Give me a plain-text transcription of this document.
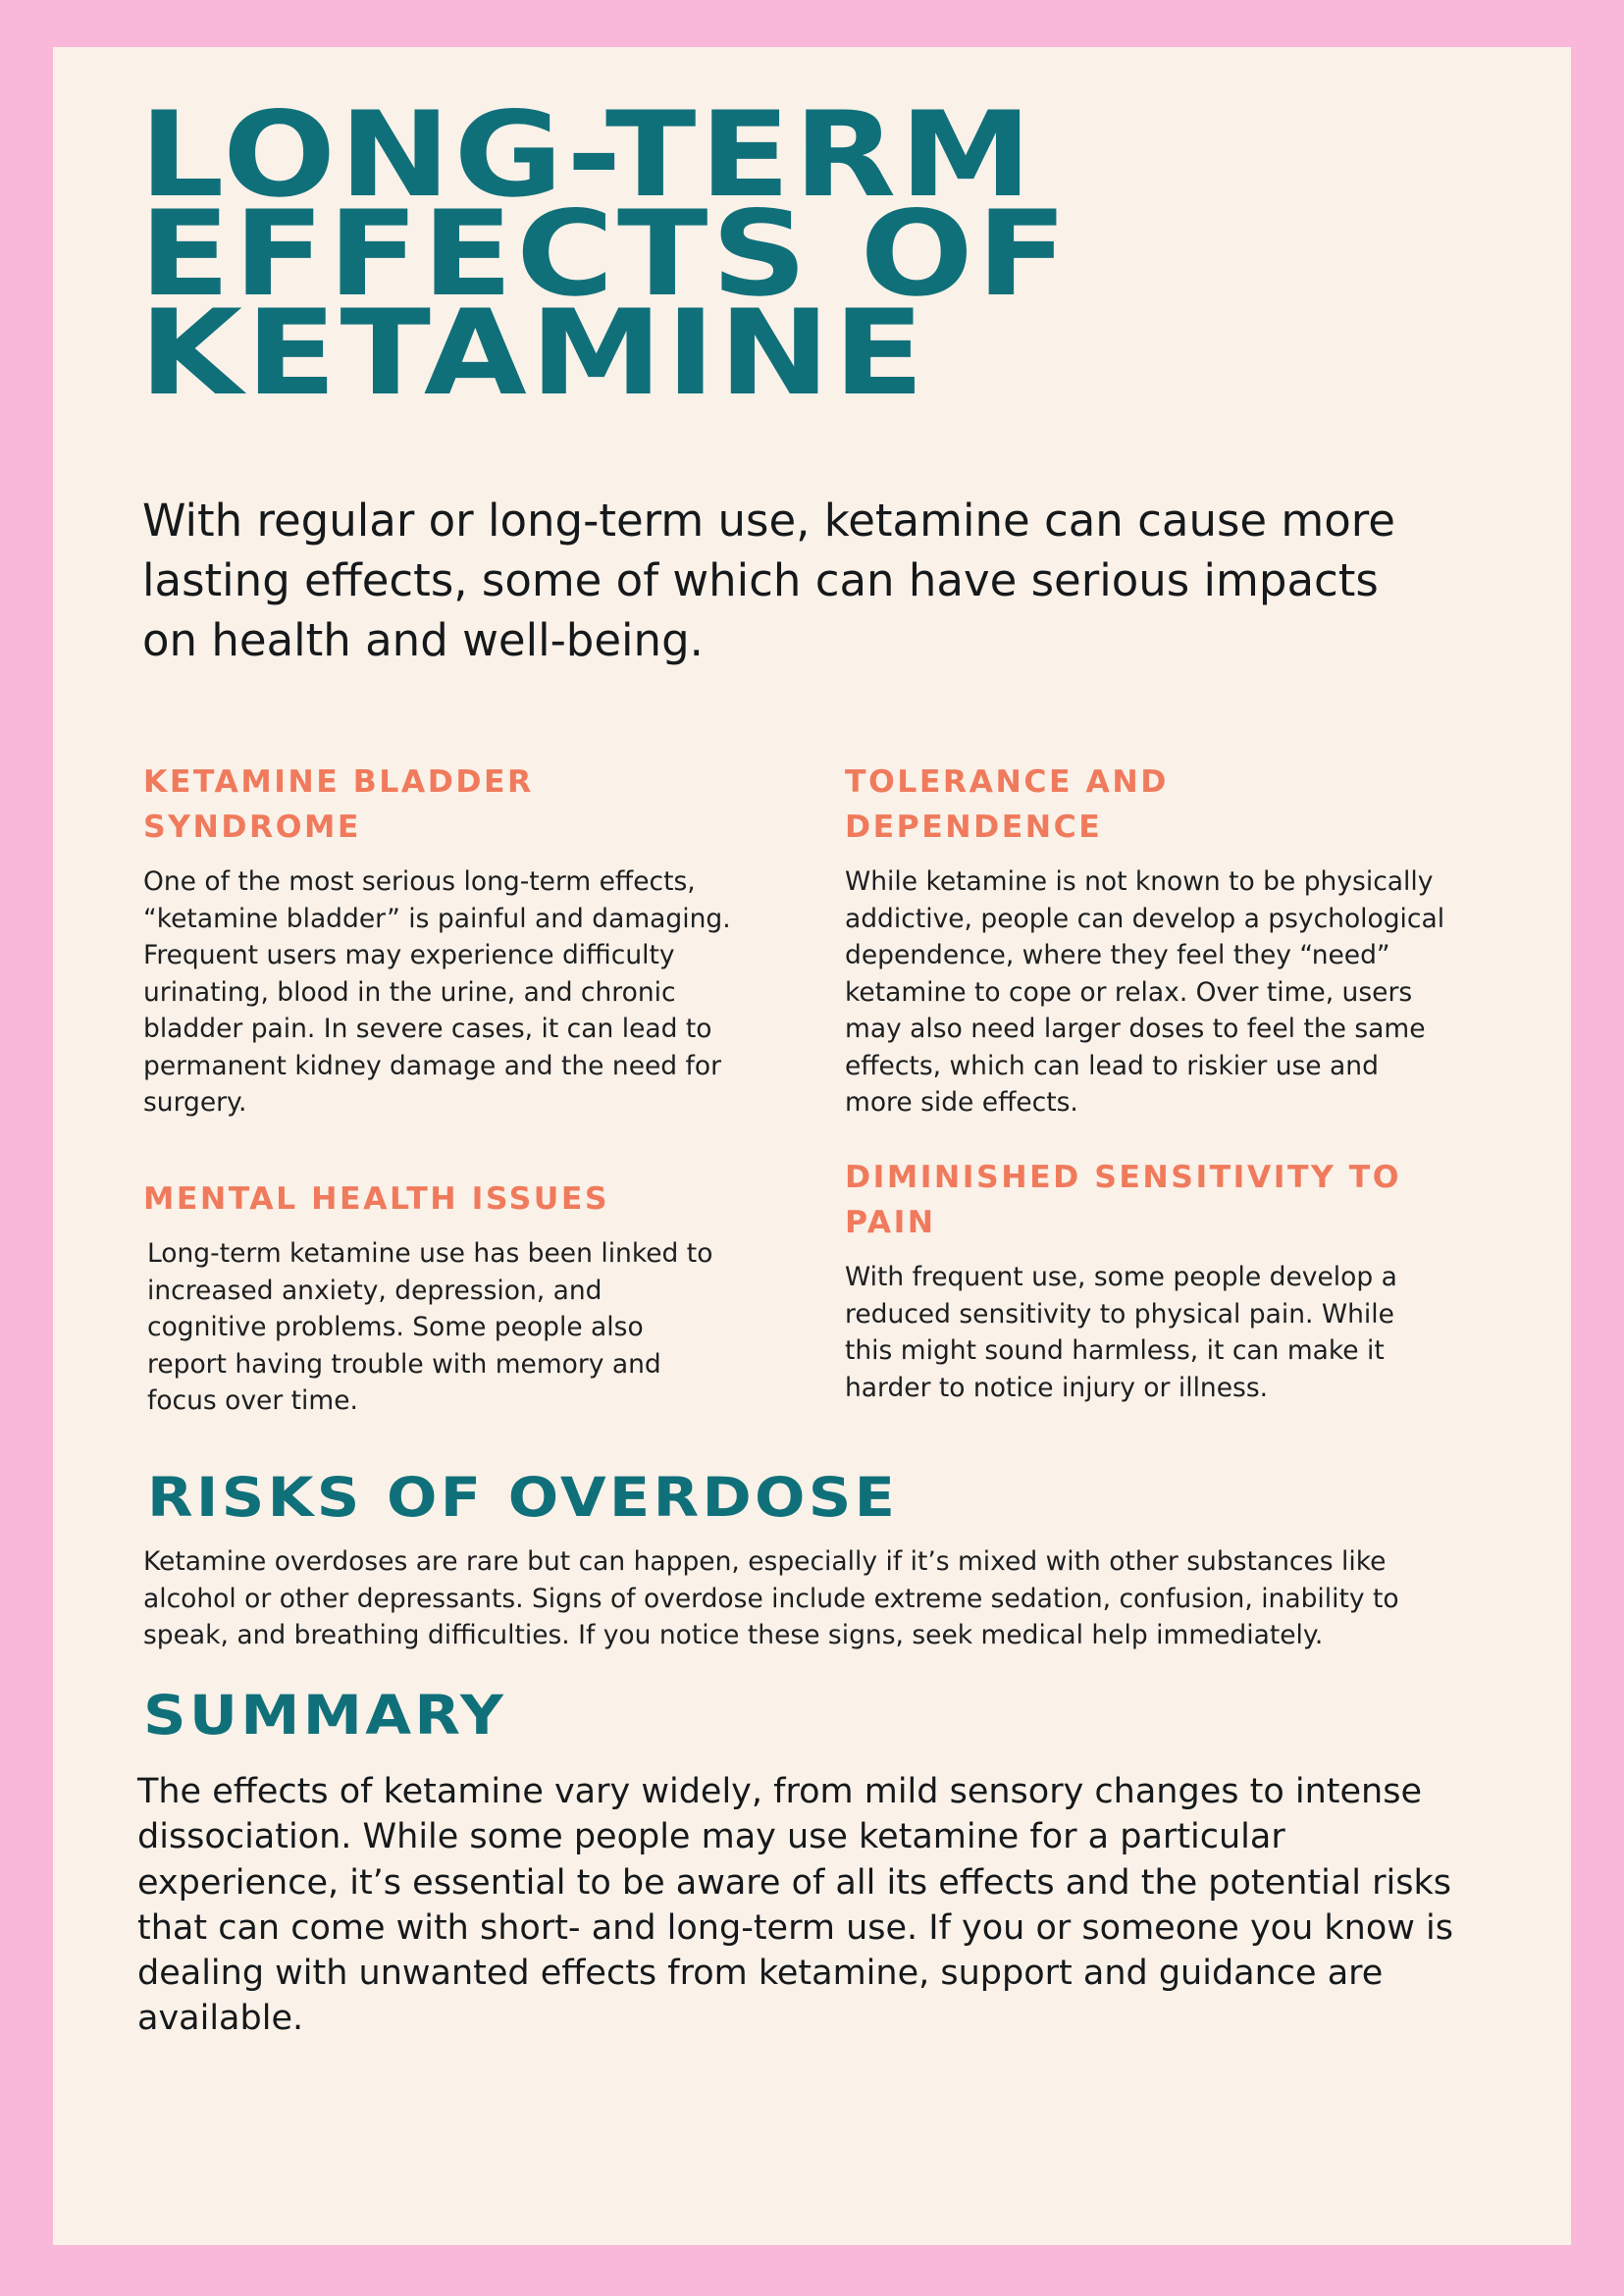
LONG-TERM
EFFECTS OF
KETAMINE

With regular or long-term use, ketamine can cause more lasting effects, some of which can have serious impacts on health and well-being.

KETAMINE BLADDER SYNDROME

One of the most serious long-term effects, “ketamine bladder” is painful and damaging. Frequent users may experience difficulty urinating, blood in the urine, and chronic bladder pain. In severe cases, it can lead to permanent kidney damage and the need for surgery.

TOLERANCE AND DEPENDENCE

While ketamine is not known to be physically addictive, people can develop a psychological dependence, where they feel they “need” ketamine to cope or relax. Over time, users may also need larger doses to feel the same effects, which can lead to riskier use and more side effects.

MENTAL HEALTH ISSUES

Long-term ketamine use has been linked to increased anxiety, depression, and cognitive problems. Some people also report having trouble with memory and focus over time.

DIMINISHED SENSITIVITY TO PAIN

With frequent use, some people develop a reduced sensitivity to physical pain. While this might sound harmless, it can make it harder to notice injury or illness.

RISKS OF OVERDOSE

Ketamine overdoses are rare but can happen, especially if it’s mixed with other substances like alcohol or other depressants. Signs of overdose include extreme sedation, confusion, inability to speak, and breathing difficulties. If you notice these signs, seek medical help immediately.

SUMMARY

The effects of ketamine vary widely, from mild sensory changes to intense dissociation. While some people may use ketamine for a particular experience, it’s essential to be aware of all its effects and the potential risks that can come with short- and long-term use. If you or someone you know is dealing with unwanted effects from ketamine, support and guidance are available.
